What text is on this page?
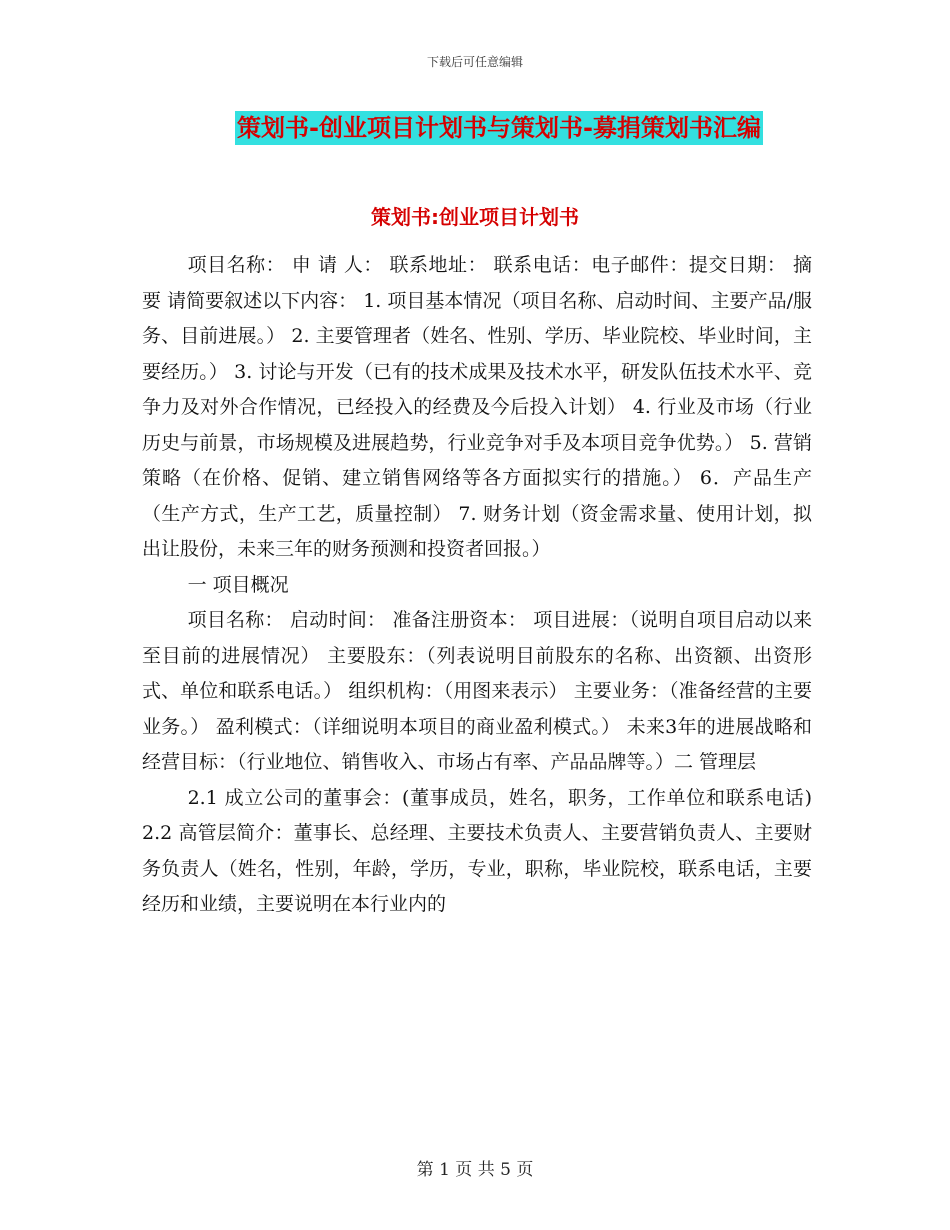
下载后可任意编辑
策划书-创业项目计划书与策划书-募捐策划书汇编
策划书:创业项目计划书

项目名称： 申 请 人： 联系地址： 联系电话：电子邮件：提交日期： 摘 要 请简要叙述以下内容： 1. 项目基本情况（项目名称、启动时间、主要产品/服务、目前进展。） 2. 主要管理者（姓名、性别、学历、毕业院校、毕业时间，主要经历。） 3. 讨论与开发（已有的技术成果及技术水平，研发队伍技术水平、竞争力及对外合作情况，已经投入的经费及今后投入计划） 4. 行业及市场（行业历史与前景，市场规模及进展趋势，行业竞争对手及本项目竞争优势。） 5. 营销策略（在价格、促销、建立销售网络等各方面拟实行的措施。） 6．产品生产（生产方式，生产工艺，质量控制） 7. 财务计划（资金需求量、使用计划，拟出让股份，未来三年的财务预测和投资者回报。）

一 项目概况

项目名称： 启动时间： 准备注册资本： 项目进展：（说明自项目启动以来至目前的进展情况） 主要股东：（列表说明目前股东的名称、出资额、出资形式、单位和联系电话。） 组织机构：（用图来表示） 主要业务：（准备经营的主要业务。） 盈利模式：（详细说明本项目的商业盈利模式。） 未来3年的进展战略和经营目标：（行业地位、销售收入、市场占有率、产品品牌等。）二 管理层

2.1 成立公司的董事会：(董事成员，姓名，职务，工作单位和联系电话) 2.2 高管层简介：董事长、总经理、主要技术负责人、主要营销负责人、主要财务负责人（姓名，性别，年龄，学历，专业，职称，毕业院校，联系电话，主要经历和业绩，主要说明在本行业内的

第 1 页 共 5 页
